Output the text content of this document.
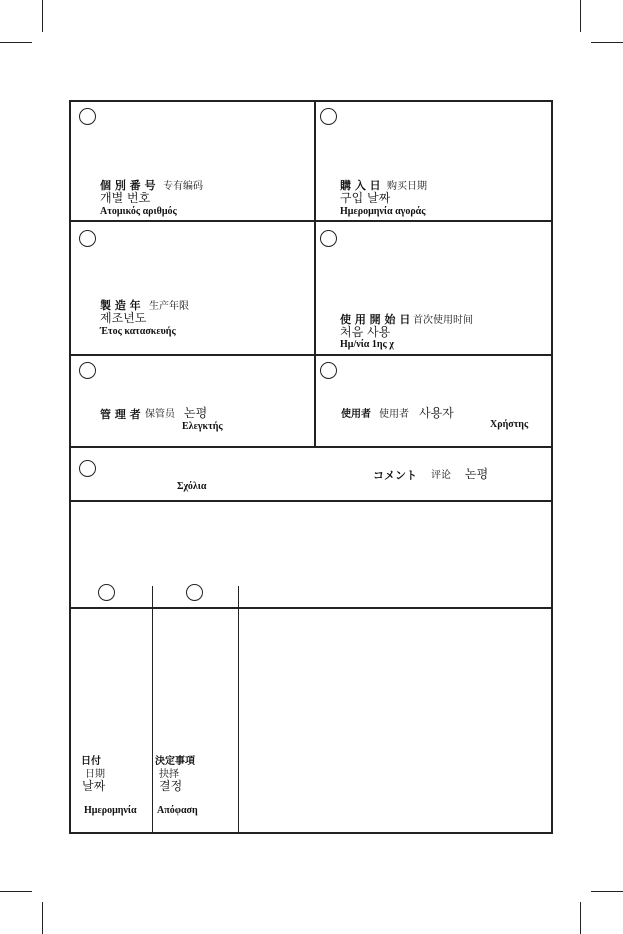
個 別 番 号 专有编码
개별 번호
Ατομικός αριθμός
購 入 日 购买日期
구입 날짜
Ημερομηνία αγοράς
製 造 年 生产年限
제조년도
Έτος κατασκευής
使 用 開 始 日 首次使用时间
처음 사용
Ημ/νία 1ης χ
管 理 者 保管员 논평
Ελεγκτής
使用者 使用者 사용자
Χρήστης
コメント 评论 논평
Σχόλια
日付
日期
날짜
Ημερομηνία
決定事項
抉择
결정
Απόφαση
